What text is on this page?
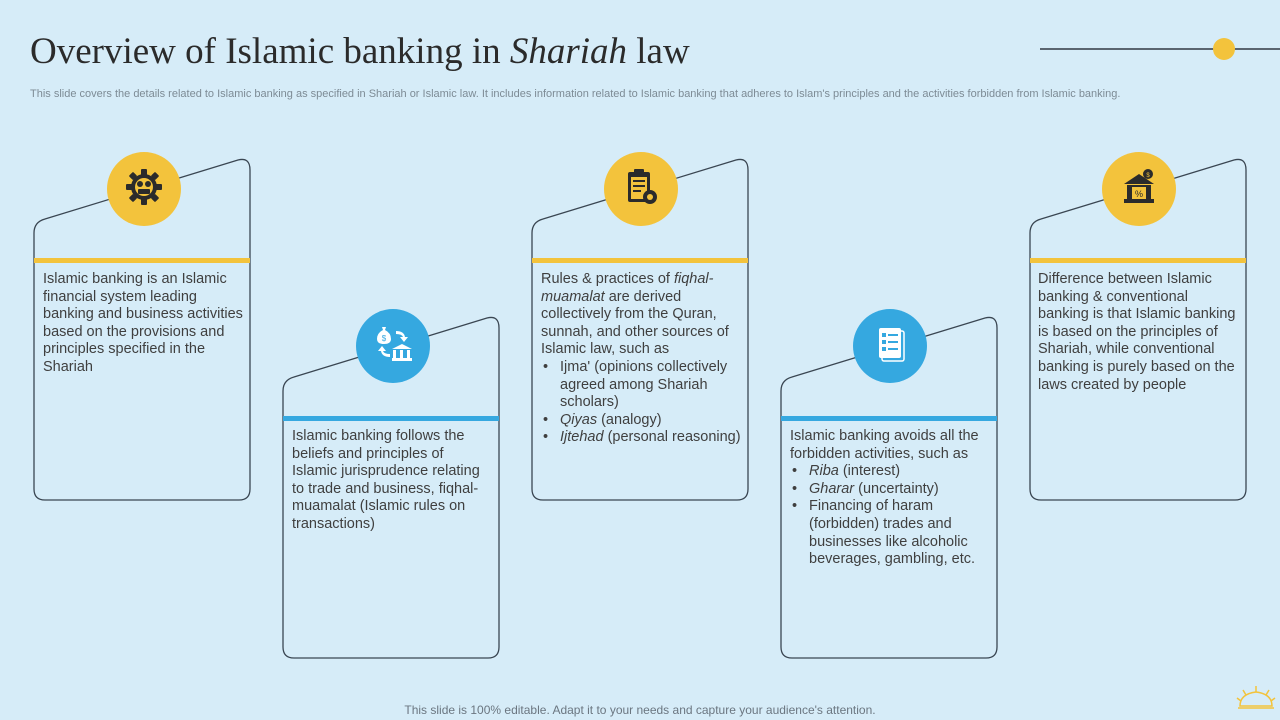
Overview of Islamic banking in Shariah law

This slide covers the details related to Islamic banking as specified in Shariah or Islamic law. It includes information related to Islamic banking that adheres to Islam's principles and the activities forbidden from Islamic banking.

$
%
$
Islamic banking is an Islamic financial system leading banking and business activities based on the provisions and principles specified in the Shariah
Islamic banking follows the beliefs and principles of Islamic jurisprudence relating to trade and business, fiqhal-muamalat (Islamic rules on transactions)

Rules & practices of fiqhal-muamalat are derived collectively from the Quran, sunnah, and other sources of Islamic law, such as

• Ijma' (opinions collectively agreed among Shariah scholars)
• Qiyas (analogy)
• Ijtehad (personal reasoning)	Islamic banking avoids all the forbidden activities, such as

• Riba (interest)
• Gharar (uncertainty)
• Financing of haram (forbidden) trades and businesses like alcoholic beverages, gambling, etc.
Difference between Islamic banking & conventional banking is that Islamic banking is based on the principles of Shariah, while conventional banking is purely based on the laws created by people

This slide is 100% editable. Adapt it to your needs and capture your audience's attention.
